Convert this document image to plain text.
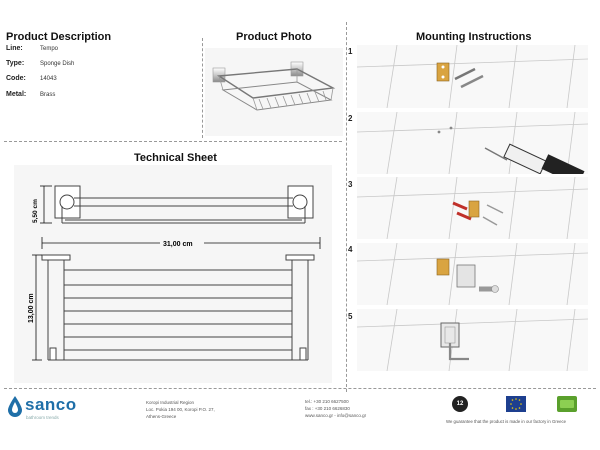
Product Description
Line:	Tempo
Type:	Sponge Dish
Code: 14043
Metal: Brass
Product Photo
Technical Sheet
5,50 cm
31,00 cm
13,00 cm
Mounting Instructions
1
2
3
4
5
sanco
bathroom trends
Koropi Industrial Region
Loc. Pokia 194 00, Koropi P.O. 27,
Athens-Greece
tel.: +30 210 6627500
fax : +30 210 6626830
www.sanco.gr - info@sanco.gr
12
We guarantee that the product is made in our factory in Greece
